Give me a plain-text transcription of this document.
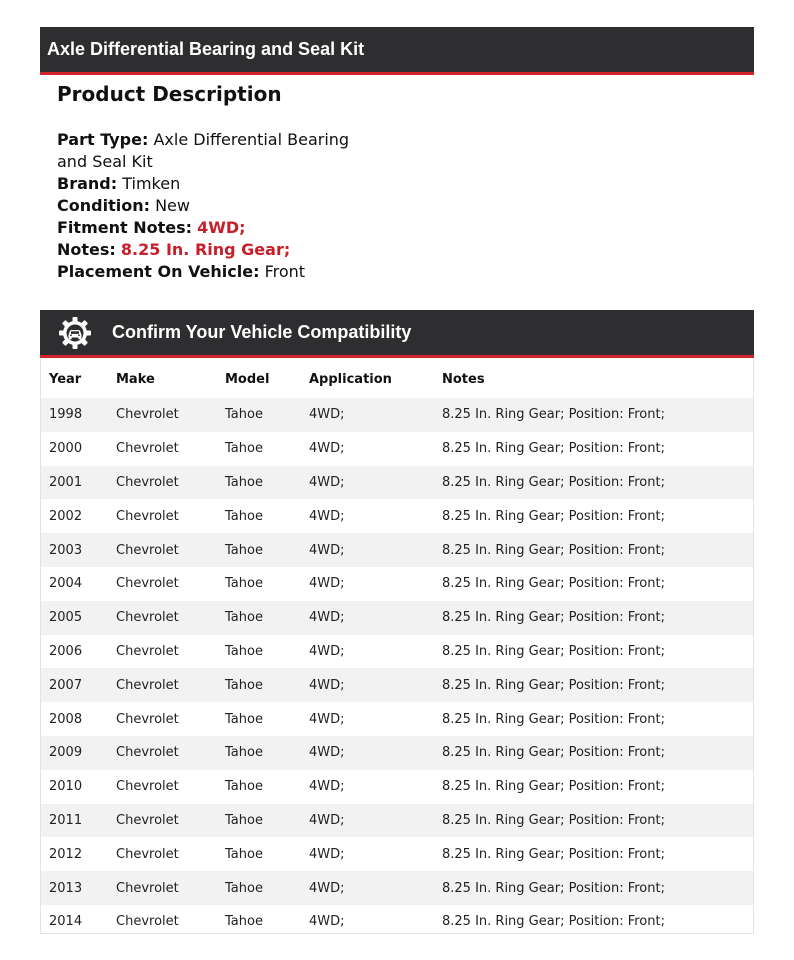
Axle Differential Bearing and Seal Kit
Product Description
Part Type: Axle Differential Bearing and Seal Kit
Brand: Timken
Condition: New
Fitment Notes: 4WD;
Notes: 8.25 In. Ring Gear;
Placement On Vehicle: Front
Confirm Your Vehicle Compatibility
Year	Make	Model	Application	Notes
1998	Chevrolet	Tahoe	4WD;	8.25 In. Ring Gear; Position: Front;
2000	Chevrolet	Tahoe	4WD;	8.25 In. Ring Gear; Position: Front;
2001	Chevrolet	Tahoe	4WD;	8.25 In. Ring Gear; Position: Front;
2002	Chevrolet	Tahoe	4WD;	8.25 In. Ring Gear; Position: Front;
2003	Chevrolet	Tahoe	4WD;	8.25 In. Ring Gear; Position: Front;
2004	Chevrolet	Tahoe	4WD;	8.25 In. Ring Gear; Position: Front;
2005	Chevrolet	Tahoe	4WD;	8.25 In. Ring Gear; Position: Front;
2006	Chevrolet	Tahoe	4WD;	8.25 In. Ring Gear; Position: Front;
2007	Chevrolet	Tahoe	4WD;	8.25 In. Ring Gear; Position: Front;
2008	Chevrolet	Tahoe	4WD;	8.25 In. Ring Gear; Position: Front;
2009	Chevrolet	Tahoe	4WD;	8.25 In. Ring Gear; Position: Front;
2010	Chevrolet	Tahoe	4WD;	8.25 In. Ring Gear; Position: Front;
2011	Chevrolet	Tahoe	4WD;	8.25 In. Ring Gear; Position: Front;
2012	Chevrolet	Tahoe	4WD;	8.25 In. Ring Gear; Position: Front;
2013	Chevrolet	Tahoe	4WD;	8.25 In. Ring Gear; Position: Front;
2014	Chevrolet	Tahoe	4WD;	8.25 In. Ring Gear; Position: Front;
